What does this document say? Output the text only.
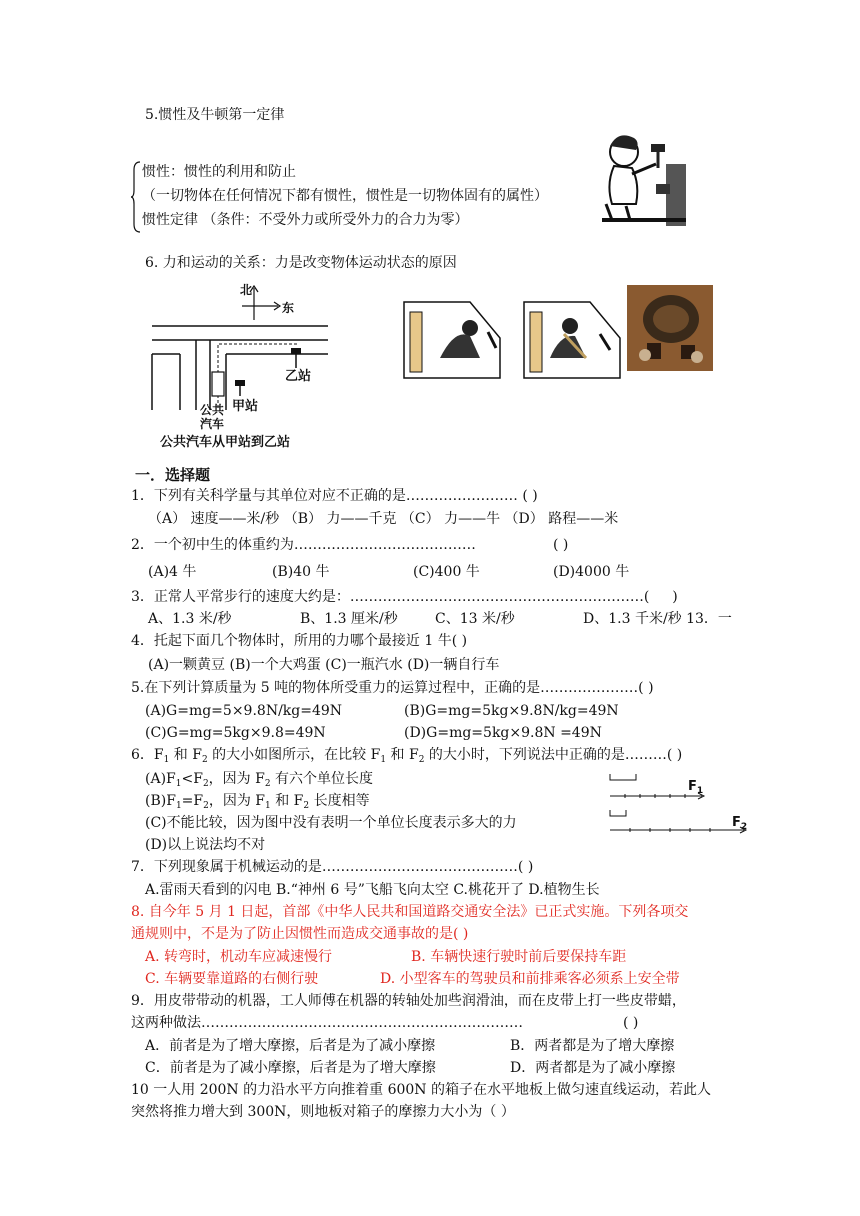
5.惯性及牛顿第一定律
惯性：惯性的利用和防止
（一切物体在任何情况下都有惯性，惯性是一切物体固有的属性）
惯性定律 （条件：不受外力或所受外力的合力为零）
6. 力和运动的关系：力是改变物体运动状态的原因
北
东
乙站
甲站
公共
汽车
公共汽车从甲站到乙站
一．选择题
1．下列有关科学量与其单位对应不正确的是…………………… ( )
（A） 速度——米/秒 （B） 力——千克 （C） 力——牛 （D） 路程——米
2．一个初中生的体重约为…………………………………	( )
(A)4 牛	(B)40 牛	(C)400 牛	(D)4000 牛
3．正常人平常步行的速度大约是：………………………………………………………( 　 )
A、1.3 米/秒	B、1.3 厘米/秒	C、13 米/秒	D、1.3 千米/秒 13．一
4．托起下面几个物体时，所用的力哪个最接近 1 牛( )
(A)一颗黄豆 (B)一个大鸡蛋 (C)一瓶汽水 (D)一辆自行车
5.在下列计算质量为 5 吨的物体所受重力的运算过程中，正确的是…………………( )
(A)G=mg=5×9.8N/kg=49N	(B)G=mg=5kg×9.8N/kg=49N
(C)G=mg=5kg×9.8=49N	(D)G=mg=5kg×9.8N =49N
6．$F_1$ 和 $F_2$ 的大小如图所示，在比较 $F_1$ 和 $F_2$ 的大小时，下列说法中正确的是………( )
$(A)F_1<F_2$，因为 $F_2$ 有六个单位长度
$(B)F_1=F_2$，因为 $F_1$ 和 $F_2$ 长度相等
(C)不能比较，因为图中没有表明一个单位长度表示多大的力
(D)以上说法均不对
$F_1$
$F_2$
7．下列现象属于机械运动的是……………………………………( )
A.雷雨天看到的闪电 B.“神州 6 号”飞船飞向太空 C.桃花开了 D.植物生长
8. 自今年 5 月 1 日起，首部《中华人民共和国道路交通安全法》已正式实施。下列各项交
通规则中，不是为了防止因惯性而造成交通事故的是( )
A. 转弯时，机动车应减速慢行	B. 车辆快速行驶时前后要保持车距
C. 车辆要靠道路的右侧行驶	D. 小型客车的驾驶员和前排乘客必须系上安全带
9．用皮带带动的机器，工人师傅在机器的转轴处加些润滑油，而在皮带上打一些皮带蜡，
这两种做法……………………………………………………………	( )
A．前者是为了增大摩擦，后者是为了减小摩擦	B．两者都是为了增大摩擦
C．前者是为了减小摩擦，后者是为了增大摩擦	D．两者都是为了减小摩擦
10 一人用 200N 的力沿水平方向推着重 600N 的箱子在水平地板上做匀速直线运动，若此人
突然将推力增大到 300N，则地板对箱子的摩擦力大小为（ ）
